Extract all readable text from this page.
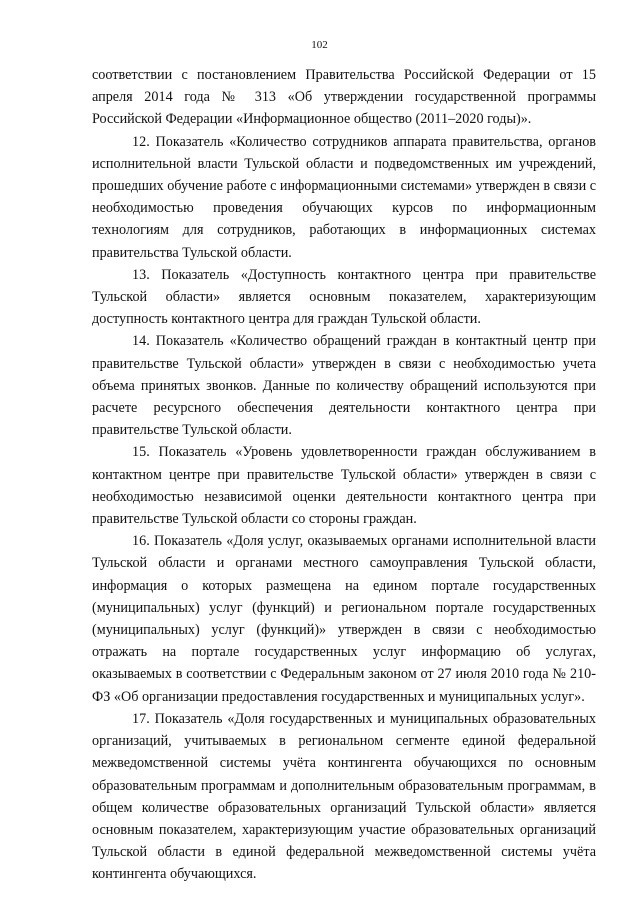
102

соответствии с постановлением Правительства Российской Федерации от 15 апреля 2014 года № 313 «Об утверждении государственной программы Российской Федерации «Информационное общество (2011–2020 годы)».

12. Показатель «Количество сотрудников аппарата правительства, органов исполнительной власти Тульской области и подведомственных им учреждений, прошедших обучение работе с информационными системами» утвержден в связи с необходимостью проведения обучающих курсов по информационным технологиям для сотрудников, работающих в информационных системах правительства Тульской области.

13. Показатель «Доступность контактного центра при правительстве Тульской области» является основным показателем, характеризующим доступность контактного центра для граждан Тульской области.

14. Показатель «Количество обращений граждан в контактный центр при правительстве Тульской области» утвержден в связи с необходимостью учета объема принятых звонков. Данные по количеству обращений используются при расчете ресурсного обеспечения деятельности контактного центра при правительстве Тульской области.

15. Показатель «Уровень удовлетворенности граждан обслуживанием в контактном центре при правительстве Тульской области» утвержден в связи с необходимостью независимой оценки деятельности контактного центра при правительстве Тульской области со стороны граждан.

16. Показатель «Доля услуг, оказываемых органами исполнительной власти Тульской области и органами местного самоуправления Тульской области, информация о которых размещена на едином портале государственных (муниципальных) услуг (функций) и региональном портале государственных (муниципальных) услуг (функций)» утвержден в связи с необходимостью отражать на портале государственных услуг информацию об услугах, оказываемых в соответствии с Федеральным законом от 27 июля 2010 года № 210-ФЗ «Об организации предоставления государственных и муниципальных услуг».

17. Показатель «Доля государственных и муниципальных образовательных организаций, учитываемых в региональном сегменте единой федеральной межведомственной системы учёта контингента обучающихся по основным образовательным программам и дополнительным образовательным программам, в общем количестве образовательных организаций Тульской области» является основным показателем, характеризующим участие образовательных организаций Тульской области в единой федеральной межведомственной системы учёта контингента обучающихся.
